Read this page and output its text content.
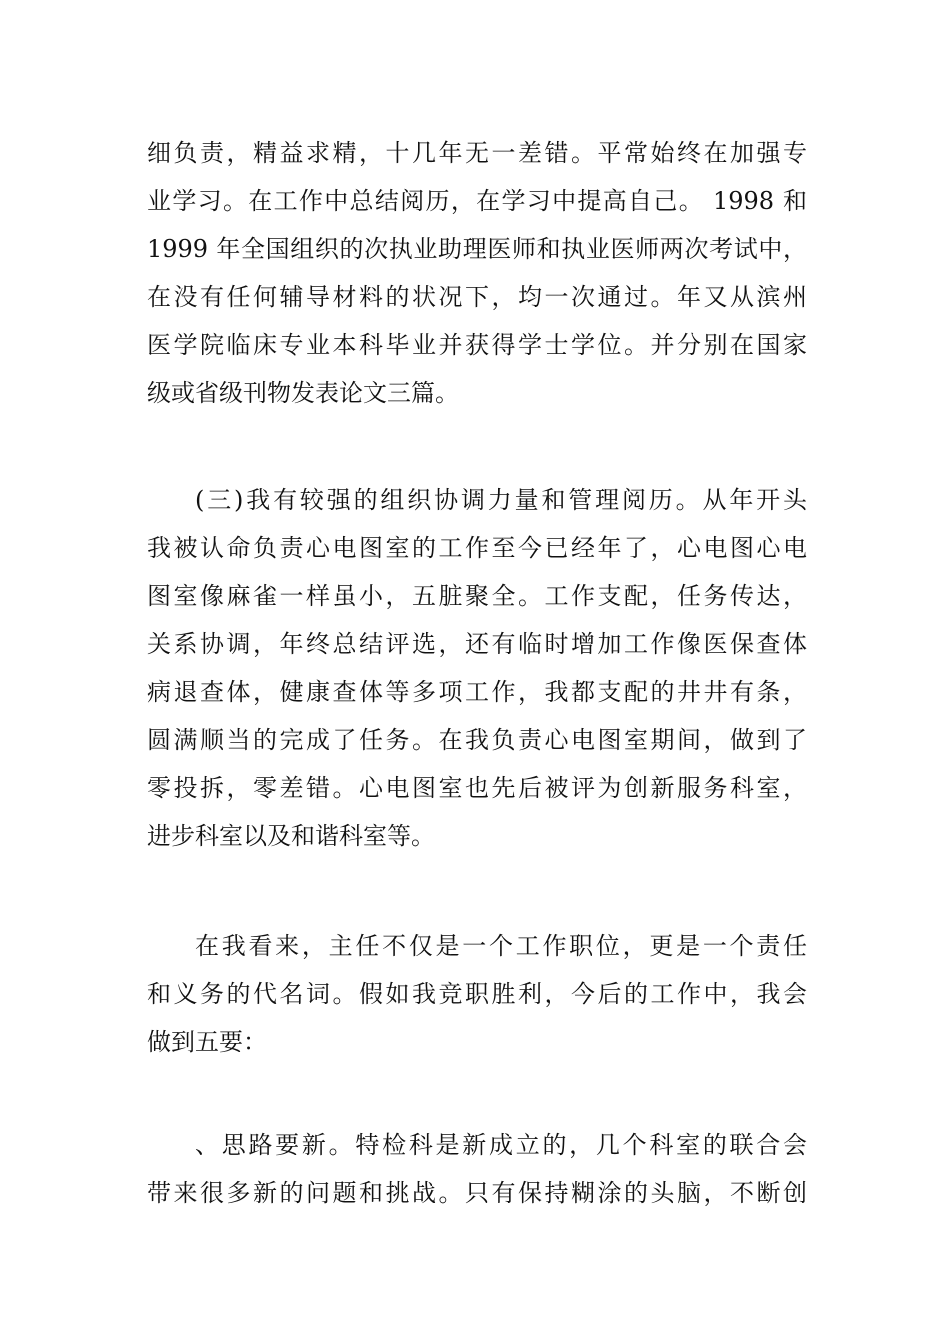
细负责，精益求精，十几年无一差错。平常始终在加强专
业学习。在工作中总结阅历，在学习中提高自己。 1998 和
1999 年全国组织的次执业助理医师和执业医师两次考试中，
在没有任何辅导材料的状况下，均一次通过。年又从滨州
医学院临床专业本科毕业并获得学士学位。并分别在国家
级或省级刊物发表论文三篇。
(三)我有较强的组织协调力量和管理阅历。从年开头
我被认命负责心电图室的工作至今已经年了，心电图心电
图室像麻雀一样虽小，五脏聚全。工作支配，任务传达，
关系协调，年终总结评选，还有临时增加工作像医保查体
病退查体，健康查体等多项工作，我都支配的井井有条，
圆满顺当的完成了任务。在我负责心电图室期间，做到了
零投拆，零差错。心电图室也先后被评为创新服务科室，
进步科室以及和谐科室等。
在我看来，主任不仅是一个工作职位，更是一个责任
和义务的代名词。假如我竞职胜利，今后的工作中，我会
做到五要：
、思路要新。特检科是新成立的，几个科室的联合会
带来很多新的问题和挑战。只有保持糊涂的头脑，不断创
